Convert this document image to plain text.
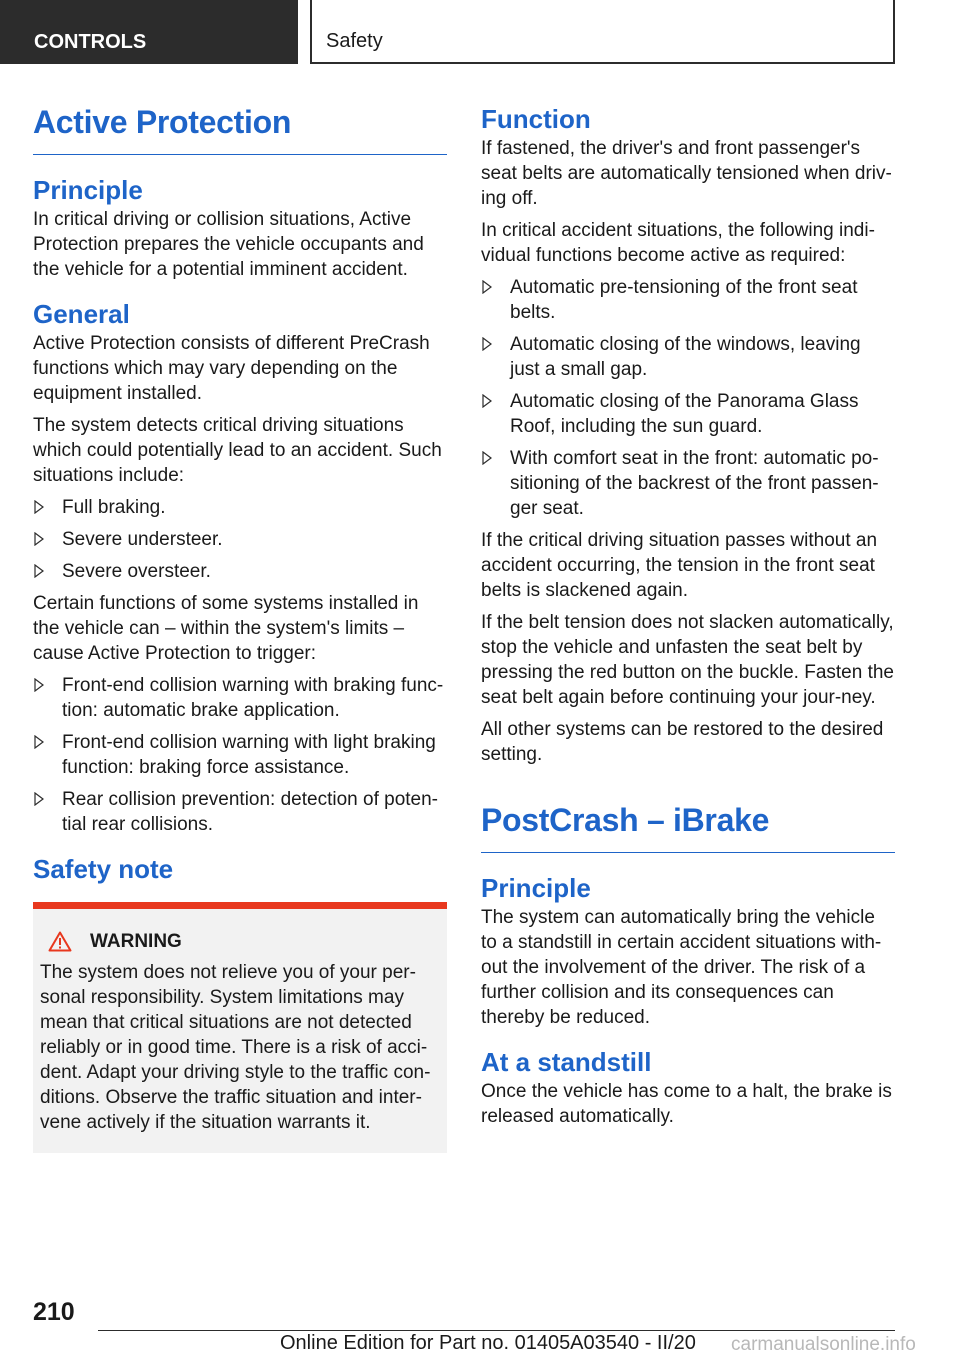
CONTROLS	Safety
Active Protection
Principle

In critical driving or collision situations, Active Protection prepares the vehicle occupants and the vehicle for a potential imminent accident.

General

Active Protection consists of different PreCrash functions which may vary depending on the equipment installed.

The system detects critical driving situations which could potentially lead to an accident. Such situations include:

Full braking.
Severe understeer.
Severe oversteer.

Certain functions of some systems installed in the vehicle can – within the system's limits – cause Active Protection to trigger:

Front-end collision warning with braking func-tion: automatic brake application.
Front-end collision warning with light braking function: braking force assistance.
Rear collision prevention: detection of poten-tial rear collisions.
Safety note
WARNING

The system does not relieve you of your per-sonal responsibility. System limitations may mean that critical situations are not detected reliably or in good time. There is a risk of acci-dent. Adapt your driving style to the traffic con-ditions. Observe the traffic situation and inter-vene actively if the situation warrants it.

Function

If fastened, the driver's and front passenger's seat belts are automatically tensioned when driv-ing off.

In critical accident situations, the following indi-vidual functions become active as required:

Automatic pre-tensioning of the front seat belts.
Automatic closing of the windows, leaving just a small gap.
Automatic closing of the Panorama Glass Roof, including the sun guard.
With comfort seat in the front: automatic po-sitioning of the backrest of the front passen-ger seat.

If the critical driving situation passes without an accident occurring, the tension in the front seat belts is slackened again.

If the belt tension does not slacken automatically, stop the vehicle and unfasten the seat belt by pressing the red button on the buckle. Fasten the seat belt again before continuing your jour-ney.

All other systems can be restored to the desired setting.

PostCrash – iBrake
Principle

The system can automatically bring the vehicle to a standstill in certain accident situations with-out the involvement of the driver. The risk of a further collision and its consequences can thereby be reduced.

At a standstill

Once the vehicle has come to a halt, the brake is released automatically.

210
Online Edition for Part no. 01405A03540 - II/20 carmanualsonline.info
